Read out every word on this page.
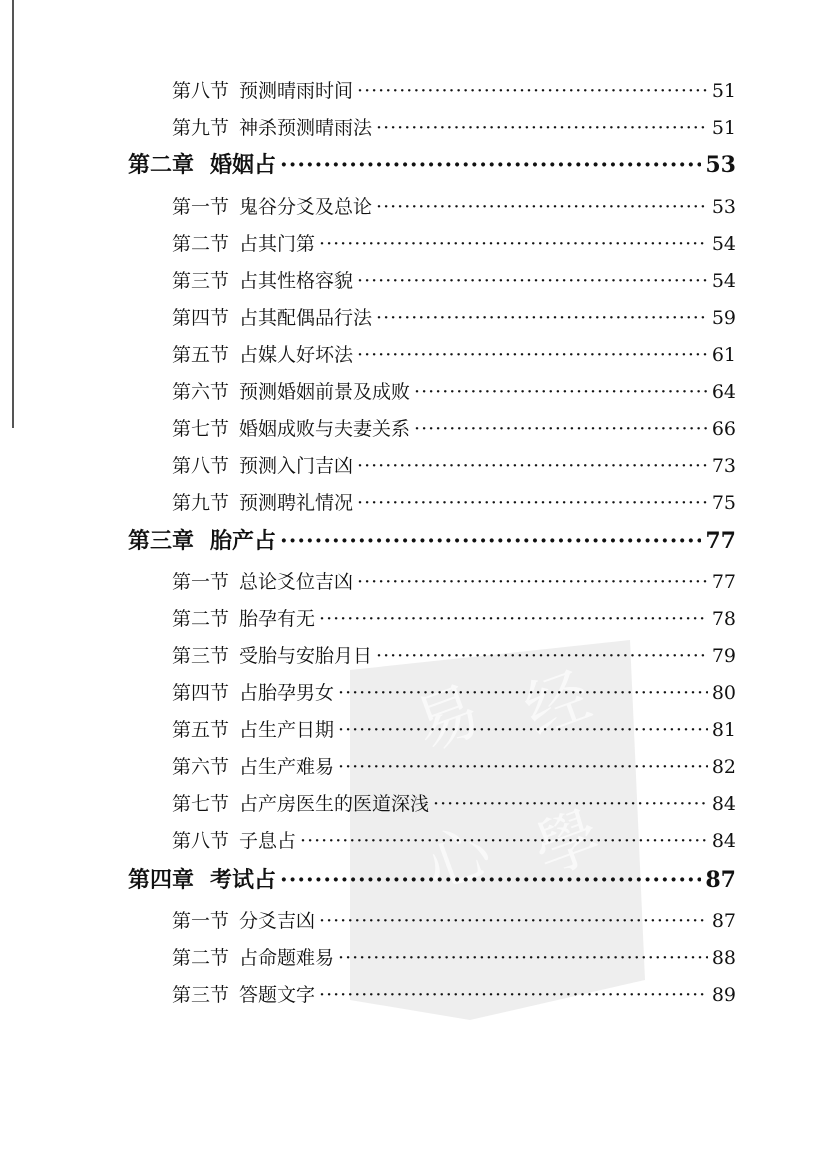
易 经
心 學
第八节 预测晴雨时间 ·····	51
第九节 神杀预测晴雨法 ·····	51
第二章 婚姻占 ·····	53
第一节 鬼谷分爻及总论 ·····	53
第二节 占其门第 ·····	54
第三节 占其性格容貌 ·····	54
第四节 占其配偶品行法 ·····	59
第五节 占媒人好坏法 ·····	61
第六节 预测婚姻前景及成败 ·····	64
第七节 婚姻成败与夫妻关系 ·····	66
第八节 预测入门吉凶 ·····	73
第九节 预测聘礼情况 ·····	75
第三章 胎产占 ·····	77
第一节 总论爻位吉凶 ·····	77
第二节 胎孕有无 ·····	78
第三节 受胎与安胎月日 ·····	79
第四节 占胎孕男女 ·····	80
第五节 占生产日期 ·····	81
第六节 占生产难易 ·····	82
第七节 占产房医生的医道深浅 ·····	84
第八节 子息占 ·····	84
第四章 考试占 ·····	87
第一节 分爻吉凶 ·····	87
第二节 占命题难易 ·····	88
第三节 答题文字 ·····	89
